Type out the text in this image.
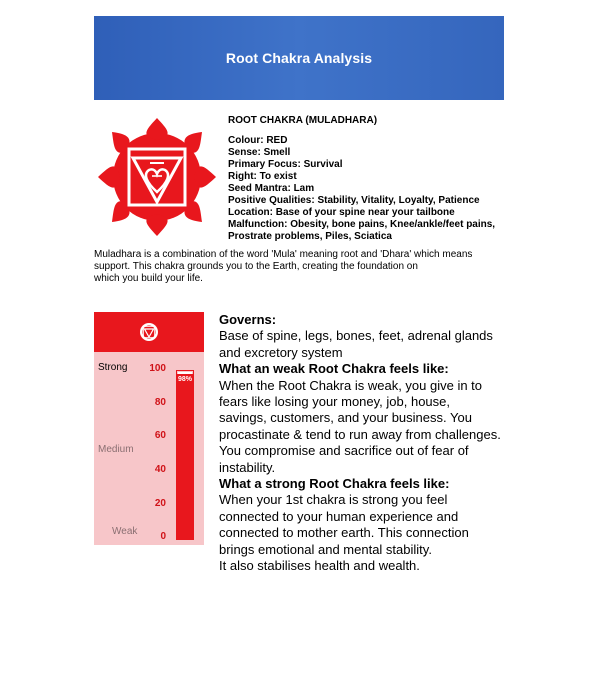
Root Chakra Analysis
ROOT CHAKRA (MULADHARA)
Colour: RED
Sense: Smell
Primary Focus: Survival
Right: To exist
Seed Mantra: Lam
Positive Qualities: Stability, Vitality, Loyalty, Patience
Location: Base of your spine near your tailbone
Malfunction: Obesity, bone pains, Knee/ankle/feet pains,
Prostrate problems, Piles, Sciatica

Muladhara is a combination of the word 'Mula' meaning root and 'Dhara' which means

support. This chakra grounds you to the Earth, creating the foundation on

which you build your life.

Strong
Medium
Weak
100
80
60
40
20
0
98%

Governs:

Base of spine, legs, bones, feet, adrenal glands

and excretory system

What an weak Root Chakra feels like:

When the Root Chakra is weak, you give in to

fears like losing your money, job, house,

savings, customers, and your business. You

procastinate & tend to run away from challenges.

You compromise and sacrifice out of fear of

instability.

What a strong Root Chakra feels like:

When your 1st chakra is strong you feel

connected to your human experience and

connected to mother earth. This connection

brings emotional and mental stability.

It also stabilises health and wealth.
